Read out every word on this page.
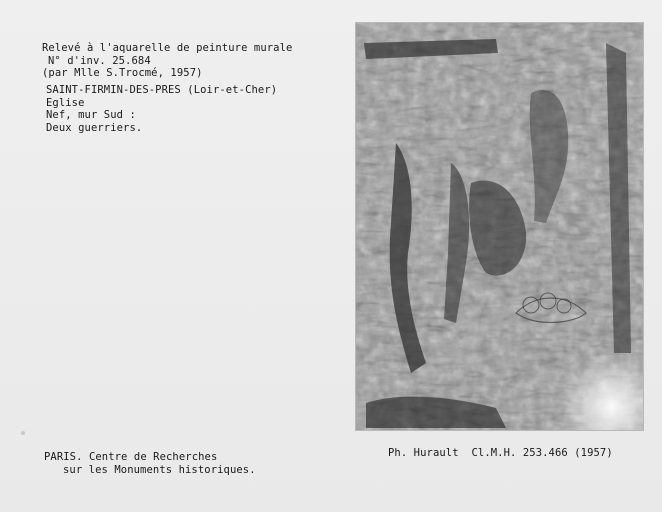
Relevé à l'aquarelle de peinture murale
N° d'inv. 25.684
(par Mlle S.Trocmé, 1957)
SAINT-FIRMIN-DES-PRES (Loir-et-Cher)
Eglise
Nef, mur Sud :
Deux guerriers.
PARIS. Centre de Recherches
sur les Monuments historiques.
Ph. Hurault  Cl.M.H. 253.466 (1957)
